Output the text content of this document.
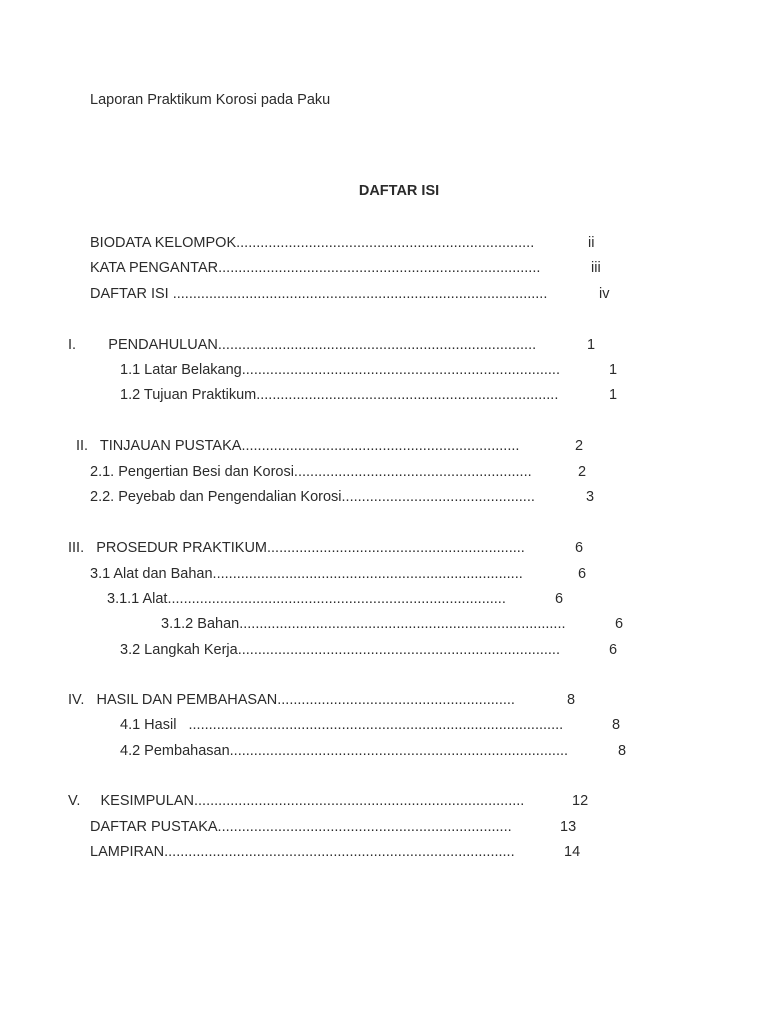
Laporan Praktikum Korosi pada Paku
DAFTAR ISI
BIODATA KELOMPOK..........................................................................	ii
KATA PENGANTAR................................................................................	iii
DAFTAR ISI .............................................................................................	iv
I.        PENDAHULUAN...............................................................................	1
1.1 Latar Belakang...............................................................................	1
1.2 Tujuan Praktikum...........................................................................	1
II.   TINJAUAN PUSTAKA.....................................................................	2
2.1. Pengertian Besi dan Korosi...........................................................	2
2.2. Peyebab dan Pengendalian Korosi................................................	3
III.   PROSEDUR PRAKTIKUM................................................................	6
3.1 Alat dan Bahan.............................................................................	6
3.1.1 Alat....................................................................................	6
3.1.2 Bahan.................................................................................	6
3.2 Langkah Kerja................................................................................	6
IV.   HASIL DAN PEMBAHASAN...........................................................	8
4.1 Hasil   .............................................................................................	8
4.2 Pembahasan....................................................................................	8
V.     KESIMPULAN..................................................................................	12
DAFTAR PUSTAKA.........................................................................	13
LAMPIRAN.......................................................................................	14
